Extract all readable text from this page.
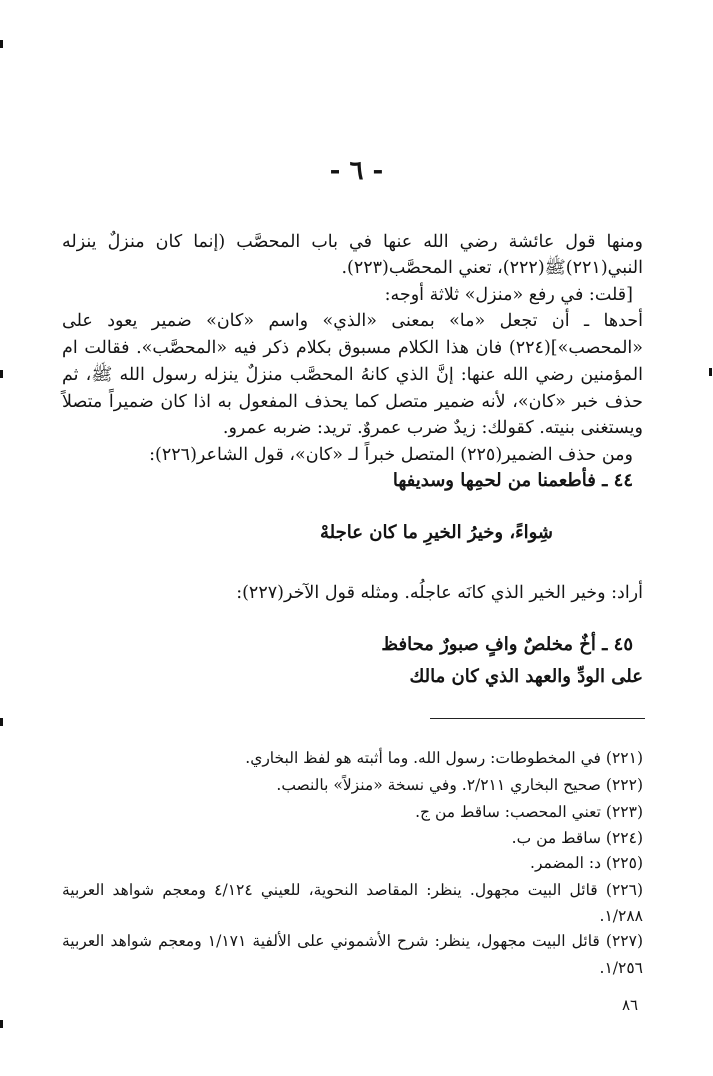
- ٦ -
ومنها قول عائشة رضي الله عنها في باب المحصَّب (إنما كان منزلٌ ينزله
النبي(٢٢١)ﷺ(٢٢٢)، تعني المحصَّب(٢٢٣).
[قلت: في رفع «منزل» ثلاثة أوجه:
أحدها ـ أن تجعل «ما» بمعنى «الذي» واسم «كان» ضمير يعود على
«المحصب»](٢٢٤) فان هذا الكلام مسبوق بكلام ذكر فيه «المحصَّب». فقالت ام
المؤمنين رضي الله عنها: إنَّ الذي كانهُ المحصَّب منزلٌ ينزله رسول الله ﷺ، ثم
حذف خبر «كان»، لأنه ضمير متصل كما يحذف المفعول به اذا كان ضميراً متصلاً
ويستغنى بنيته. كقولك: زيدٌ ضرب عمروٌ. تريد: ضربه عمرو.
ومن حذف الضمير(٢٢٥) المتصل خبراً لـ «كان»، قول الشاعر(٢٢٦):
٤٤ ـ فأطعمنا من لحمِها وسديفها
شِواءً، وخيرُ الخيرِ ما كان عاجلهْ
أراد: وخير الخير الذي كانَه عاجلُه. ومثله قول الآخر(٢٢٧):
٤٥ ـ أخٌ مخلصٌ وافٍ صبورٌ محافظ
على الودِّ والعهد الذي كان مالك
(٢٢١) في المخطوطات: رسول الله. وما أثبته هو لفظ البخاري.
(٢٢٢) صحيح البخاري ٢/٢١١. وفي نسخة «منزلاً» بالنصب.
(٢٢٣) تعني المحصب: ساقط من ج.
(٢٢٤) ساقط من ب.
(٢٢٥) د: المضمر.
(٢٢٦) قائل البيت مجهول. ينظر: المقاصد النحوية، للعيني ٤/١٢٤ ومعجم شواهد العربية
١/٢٨٨.
(٢٢٧) قائل البيت مجهول، ينظر: شرح الأشموني على الألفية ١/١٧١ ومعجم شواهد العربية
١/٢٥٦.
٨٦
